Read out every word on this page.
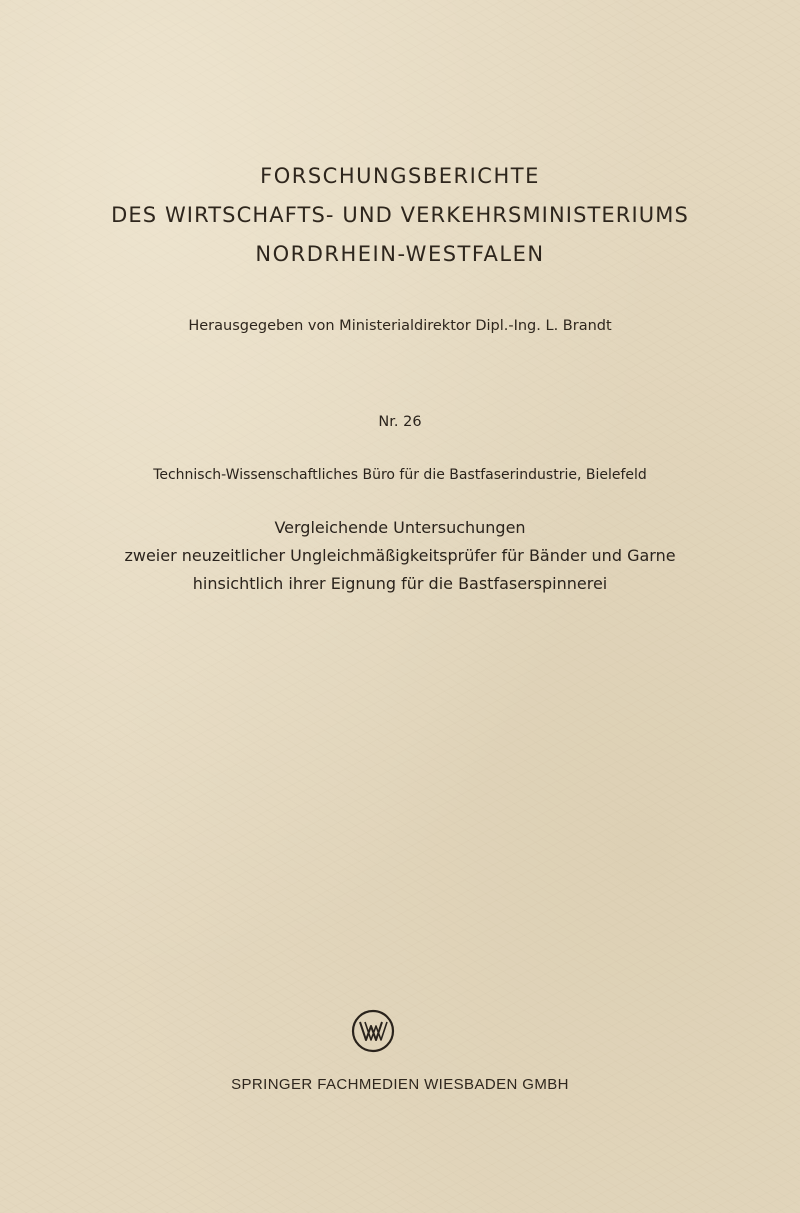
FORSCHUNGSBERICHTE
DES WIRTSCHAFTS- UND VERKEHRSMINISTERIUMS
NORDRHEIN-WESTFALEN
Herausgegeben von Ministerialdirektor Dipl.-Ing. L. Brandt
Nr. 26
Technisch-Wissenschaftliches Büro für die Bastfaserindustrie, Bielefeld
Vergleichende Untersuchungen
zweier neuzeitlicher Ungleichmäßigkeitsprüfer für Bänder und Garne
hinsichtlich ihrer Eignung für die Bastfaserspinnerei
SPRINGER FACHMEDIEN WIESBADEN GMBH
